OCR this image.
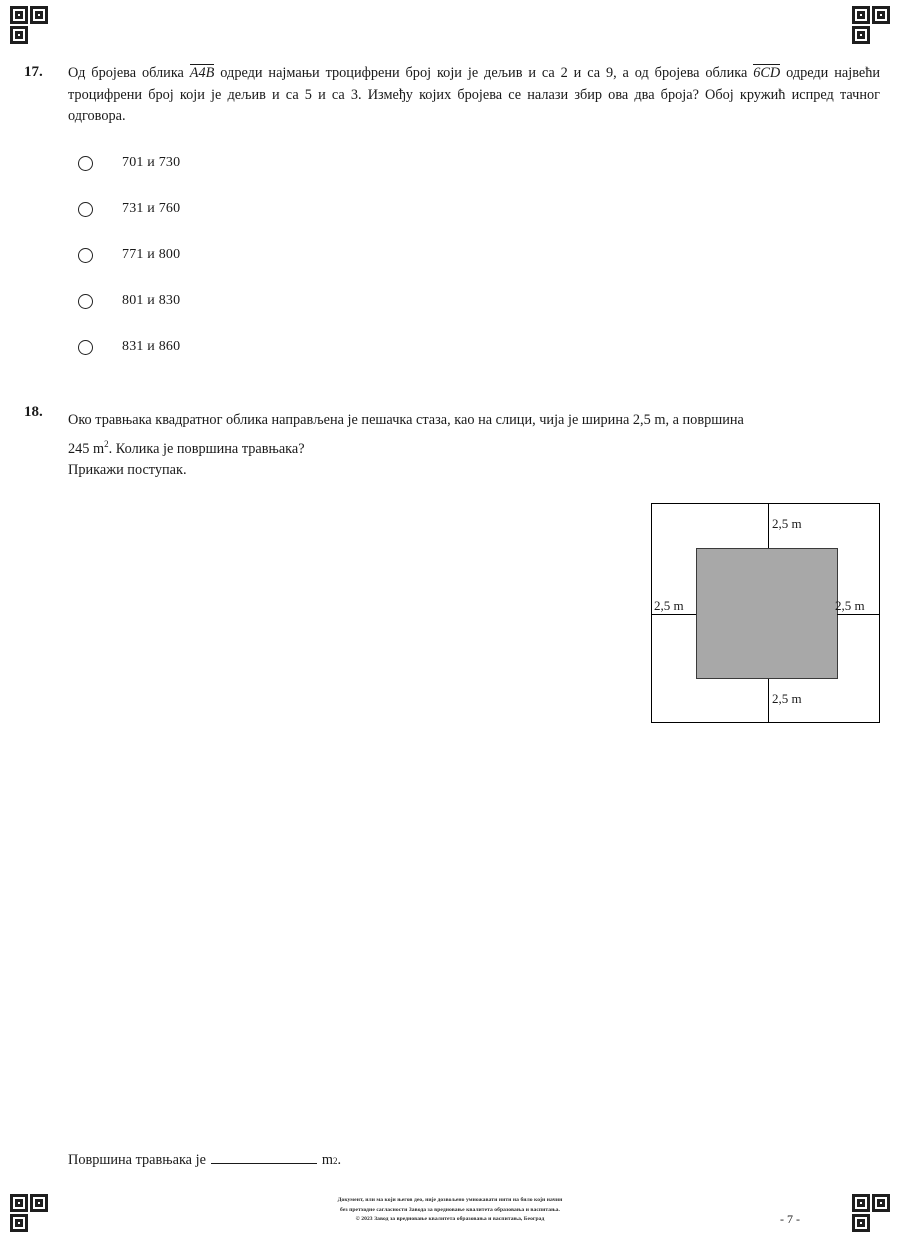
17. Од бројева облика A4B одреди најмањи троцифрени број који је дељив и са 2 и са 9, а од бројева облика 6CD одреди највећи троцифрени број који је дељив и са 5 и са 3. Између којих бројева се налази збир ова два броја? Обој кружић испред тачног одговора.
701 и 730
731 и 760
771 и 800
801 и 830
831 и 860
18. Око травњака квадратног облика направљена је пешачка стаза, као на слици, чија је ширина 2,5 m, а површина
245 $m^2$. Колика је површина травњака?
Прикажи поступак.
2,5 m
2,5 m	2,5 m
2,5 m
Површина травњака је	m 2 .
Документ, или ма који његов део, није дозвољено умножавати нити на било који начин
без претходне сагласности Завода за вредновање квалитета образовања и васпитања.
© 2023 Завод за вредновање квалитета образовања и васпитања, Београд	- 7 -
